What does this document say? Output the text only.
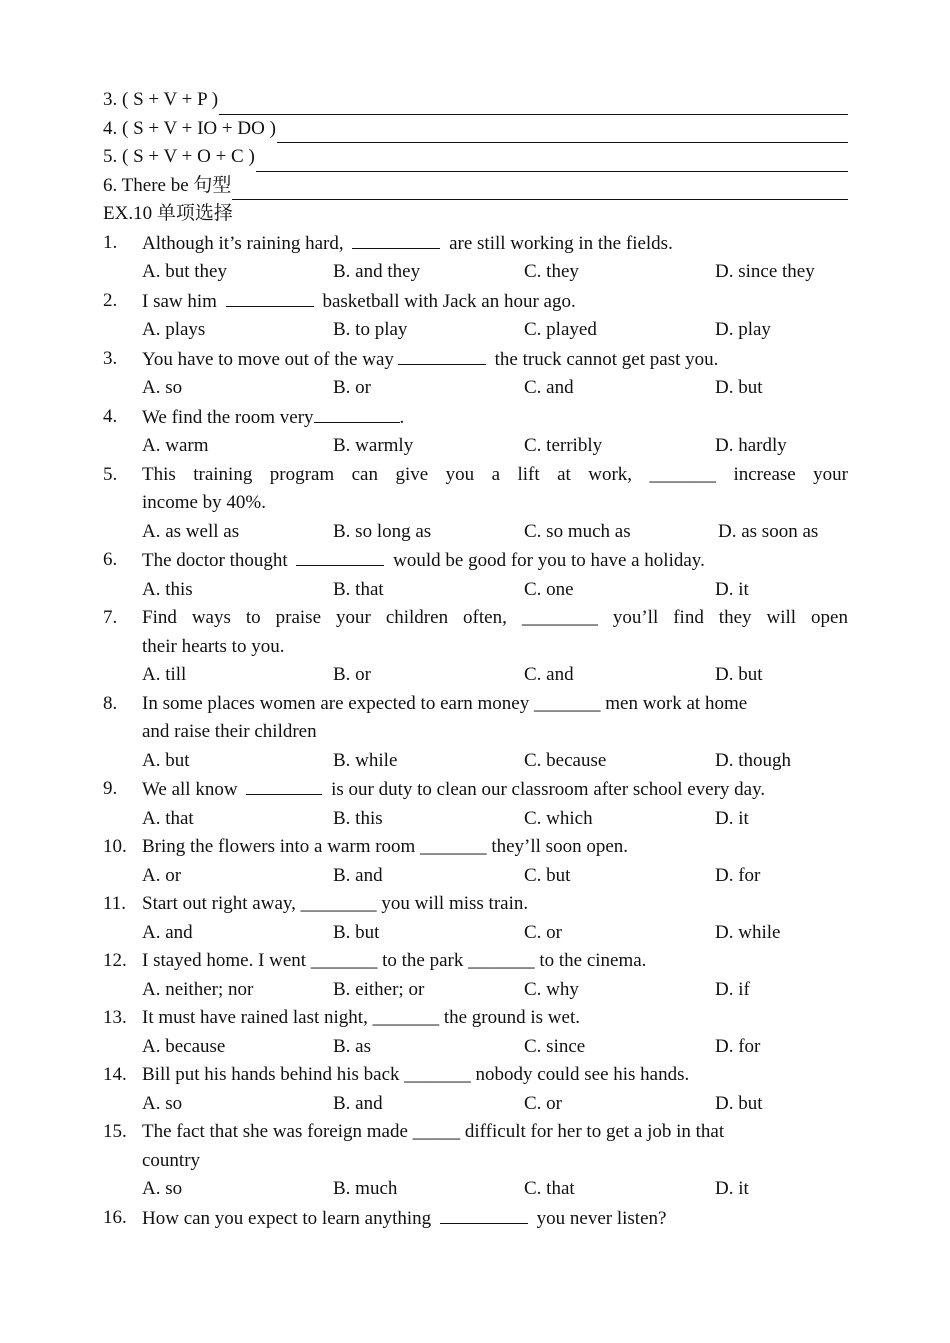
3. ( S + V + P )
4. ( S + V + IO + DO )
5. ( S + V + O + C )
6. There be 句型
EX.10 单项选择
1.	Although it’s raining hard,	are still working in the fields.
A. but they	B. and they	C. they	D. since they
2.	I saw him	basketball with Jack an hour ago.
A. plays	B. to play	C. played	D. play
3.	You have to move out of the way	the truck cannot get past you.
A. so	B. or	C. and	D. but
4.	We find the room very	.
A. warm	B. warmly	C. terribly	D. hardly
5.	This  training  program  can  give  you  a  lift  at  work,  _______  increase  your
income by 40%.
A. as well as	B. so long as	C. so much as	D. as soon as
6.	The doctor thought	would be good for you to have a holiday.
A. this	B. that	C. one	D. it
7.	Find  ways  to  praise  your  children  often,  ________  you’ll  find  they  will  open
their hearts to you.
A. till	B. or	C. and	D. but
8.	In some places women are expected to earn money _______ men work at home
and raise their children
A. but	B. while	C. because	D. though
9.	We all know	is our duty to clean our classroom after school every day.
A. that	B. this	C. which	D. it
10. Bring the flowers into a warm room _______ they’ll soon open.
A. or	B. and	C. but	D. for
11. Start out right away, ________ you will miss train.
A. and	B. but	C. or	D. while
12. I stayed home. I went _______ to the park _______ to the cinema.
A. neither; nor	B. either; or	C. why	D. if
13. It must have rained last night, _______ the ground is wet.
A. because	B. as	C. since	D. for
14. Bill put his hands behind his back _______ nobody could see his hands.
A. so	B. and	C. or	D. but
15. The fact that she was foreign made _____ difficult for her to get a job in that
country
A. so	B. much	C. that	D. it
16. How can you expect to learn anything	you never listen?
